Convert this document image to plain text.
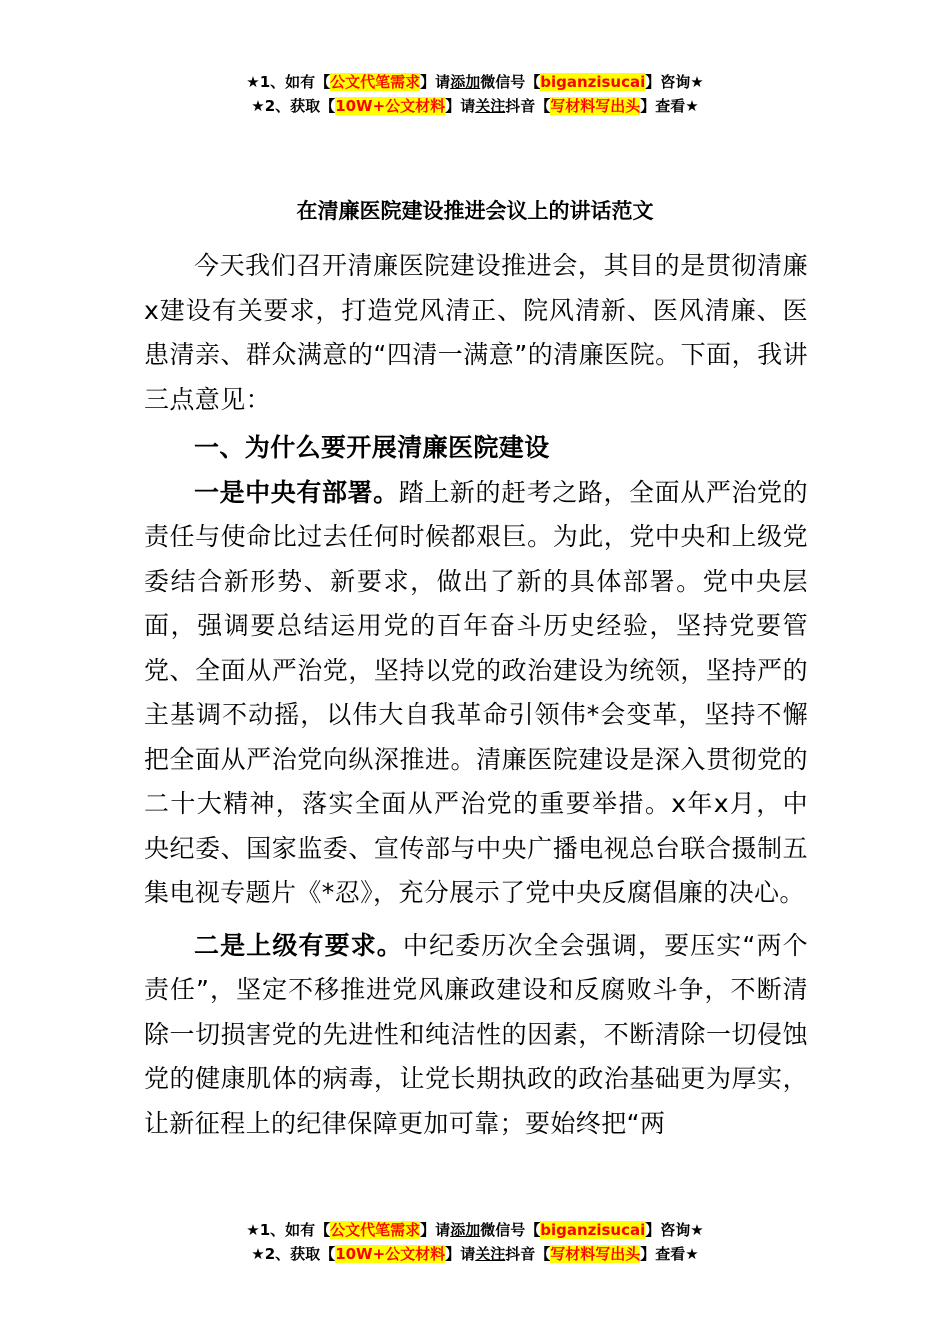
★1、如有【公文代笔需求】请添加微信号【biganzisucai】咨询★
★2、获取【10W+公文材料】请关注抖音【写材料写出头】查看★
在清廉医院建设推进会议上的讲话范文

今天我们召开清廉医院建设推进会，其目的是贯彻清廉x建设有关要求，打造党风清正、院风清新、医风清廉、医患清亲、群众满意的“四清一满意”的清廉医院。下面，我讲三点意见：

一、为什么要开展清廉医院建设

一是中央有部署。踏上新的赶考之路，全面从严治党的责任与使命比过去任何时候都艰巨。为此，党中央和上级党委结合新形势、新要求，做出了新的具体部署。党中央层面，强调要总结运用党的百年奋斗历史经验，坚持党要管党、全面从严治党，坚持以党的政治建设为统领，坚持严的主基调不动摇，以伟大自我革命引领伟*会变革，坚持不懈把全面从严治党向纵深推进。清廉医院建设是深入贯彻党的二十大精神，落实全面从严治党的重要举措。x年x月，中央纪委、国家监委、宣传部与中央广播电视总台联合摄制五集电视专题片《*忍》，充分展示了党中央反腐倡廉的决心。

二是上级有要求。中纪委历次全会强调，要压实“两个责任”，坚定不移推进党风廉政建设和反腐败斗争，不断清除一切损害党的先进性和纯洁性的因素，不断清除一切侵蚀党的健康肌体的病毒，让党长期执政的政治基础更为厚实，让新征程上的纪律保障更加可靠；要始终把“两

★1、如有【公文代笔需求】请添加微信号【biganzisucai】咨询★
★2、获取【10W+公文材料】请关注抖音【写材料写出头】查看★
